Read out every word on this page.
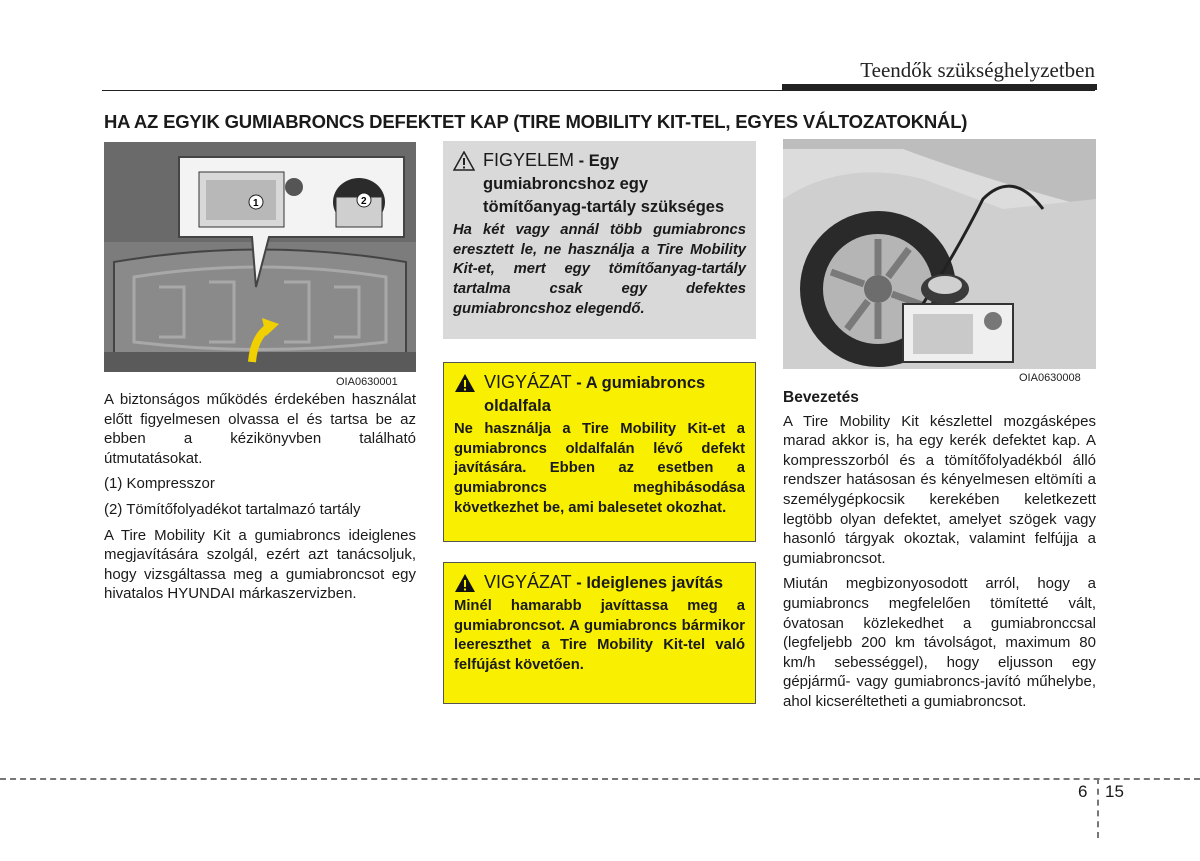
Teendők szükséghelyzetben
HA AZ EGYIK GUMIABRONCS DEFEKTET KAP (TIRE MOBILITY KIT-TEL, EGYES VÁLTOZATOKNÁL)
1	2
OIA0630001

A biztonságos működés érdekében használat előtt figyelmesen olvassa el és tartsa be az ebben a kézikönyvben található útmutatásokat.

(1) Kompresszor

(2) Tömítőfolyadékot tartalmazó tartály

A Tire Mobility Kit a gumiabroncs ideiglenes megjavítására szolgál, ezért azt tanácsoljuk, hogy vizsgáltassa meg a gumiabroncsot egy hivatalos HYUNDAI márkaszervizben.

FIGYELEM - Egy gumiabroncshoz egy tömítőanyag-tartály szükséges
Ha két vagy annál több gumiabroncs eresztett le, ne használja a Tire Mobility Kit-et, mert egy tömítőanyag-tartály tartalma csak egy defektes gumiabroncshoz elegendő.
VIGYÁZAT - A gumiabroncs oldalfala
Ne használja a Tire Mobility Kit-et a gumiabroncs oldalfalán lévő defekt javítására. Ebben az esetben a gumiabroncs meghibásodása következhet be, ami balesetet okozhat.
VIGYÁZAT - Ideiglenes javítás
Minél hamarabb javíttassa meg a gumiabroncsot. A gumiabroncs bármikor leereszthet a Tire Mobility Kit-tel való felfújást követően.
OIA0630008
Bevezetés

A Tire Mobility Kit készlettel mozgásképes marad akkor is, ha egy kerék defektet kap. A kompresszorból és a tömítőfolyadékból álló rendszer hatásosan és kényelmesen eltömíti a személygépkocsik kerekében keletkezett legtöbb olyan defektet, amelyet szögek vagy hasonló tárgyak okoztak, valamint felfújja a gumiabroncsot.

Miután megbizonyosodott arról, hogy a gumiabroncs megfelelően tömítetté vált, óvatosan közlekedhet a gumiabronccsal (legfeljebb 200 km távolságot, maximum 80 km/h sebességgel), hogy eljusson egy gépjármű- vagy gumiabroncs-javító műhelybe, ahol kicseréltetheti a gumiabroncsot.

6 15
